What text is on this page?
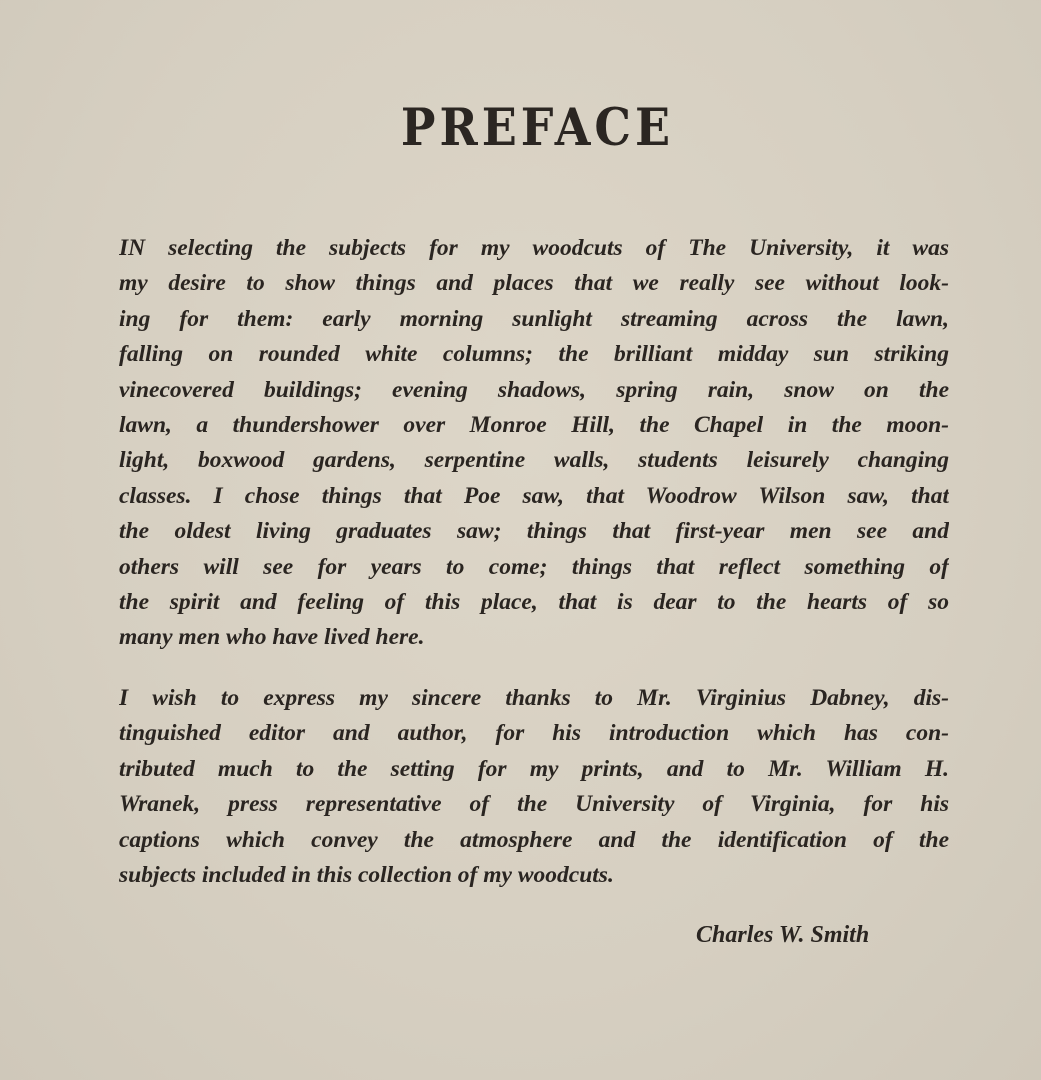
PREFACE

IN selecting the subjects for my woodcuts of The University, it was
my desire to show things and places that we really see without look-
ing for them: early morning sunlight streaming across the lawn,
falling on rounded white columns; the brilliant midday sun striking
vinecovered buildings; evening shadows, spring rain, snow on the
lawn, a thundershower over Monroe Hill, the Chapel in the moon-
light, boxwood gardens, serpentine walls, students leisurely changing
classes. I chose things that Poe saw, that Woodrow Wilson saw, that
the oldest living graduates saw; things that first-year men see and
others will see for years to come; things that reflect something of
the spirit and feeling of this place, that is dear to the hearts of so
many men who have lived here.

I wish to express my sincere thanks to Mr. Virginius Dabney, dis-
tinguished editor and author, for his introduction which has con-
tributed much to the setting for my prints, and to Mr. William H.
Wranek, press representative of the University of Virginia, for his
captions which convey the atmosphere and the identification of the
subjects included in this collection of my woodcuts.

Charles W. Smith
